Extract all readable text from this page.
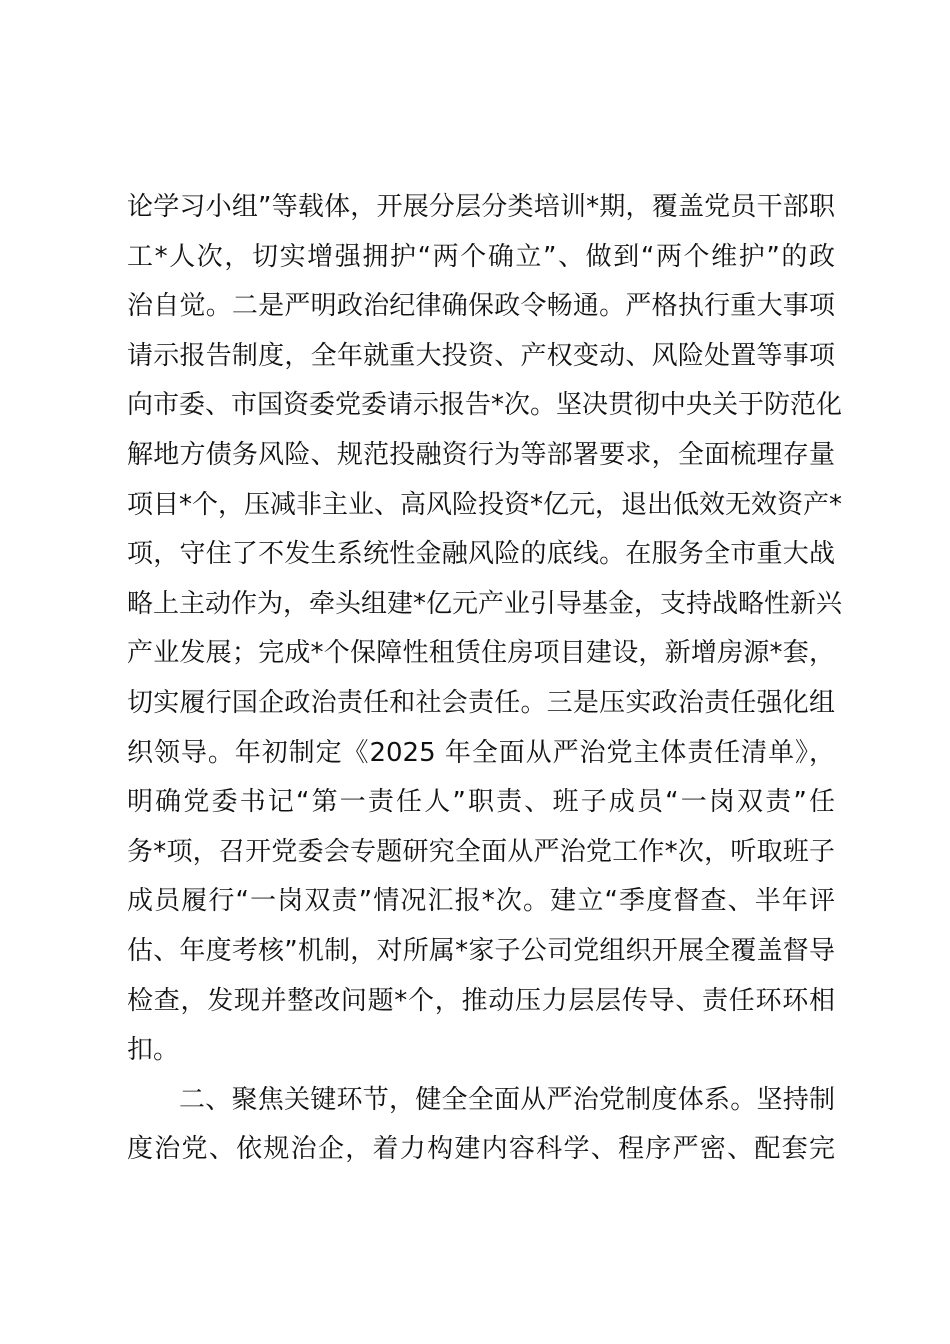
论学习小组”等载体，开展分层分类培训*期，覆盖党员干部职
工*人次，切实增强拥护“两个确立”、做到“两个维护”的政
治自觉。二是严明政治纪律确保政令畅通。严格执行重大事项
请示报告制度，全年就重大投资、产权变动、风险处置等事项
向市委、市国资委党委请示报告*次。坚决贯彻中央关于防范化
解地方债务风险、规范投融资行为等部署要求，全面梳理存量
项目*个，压减非主业、高风险投资*亿元，退出低效无效资产*
项，守住了不发生系统性金融风险的底线。在服务全市重大战
略上主动作为，牵头组建*亿元产业引导基金，支持战略性新兴
产业发展；完成*个保障性租赁住房项目建设，新增房源*套，
切实履行国企政治责任和社会责任。三是压实政治责任强化组
织领导。年初制定《2025 年全面从严治党主体责任清单》，
明确党委书记“第一责任人”职责、班子成员“一岗双责”任
务*项，召开党委会专题研究全面从严治党工作*次，听取班子
成员履行“一岗双责”情况汇报*次。建立“季度督查、半年评
估、年度考核”机制，对所属*家子公司党组织开展全覆盖督导
检查，发现并整改问题*个，推动压力层层传导、责任环环相
扣。
二、聚焦关键环节，健全全面从严治党制度体系。坚持制
度治党、依规治企，着力构建内容科学、程序严密、配套完
